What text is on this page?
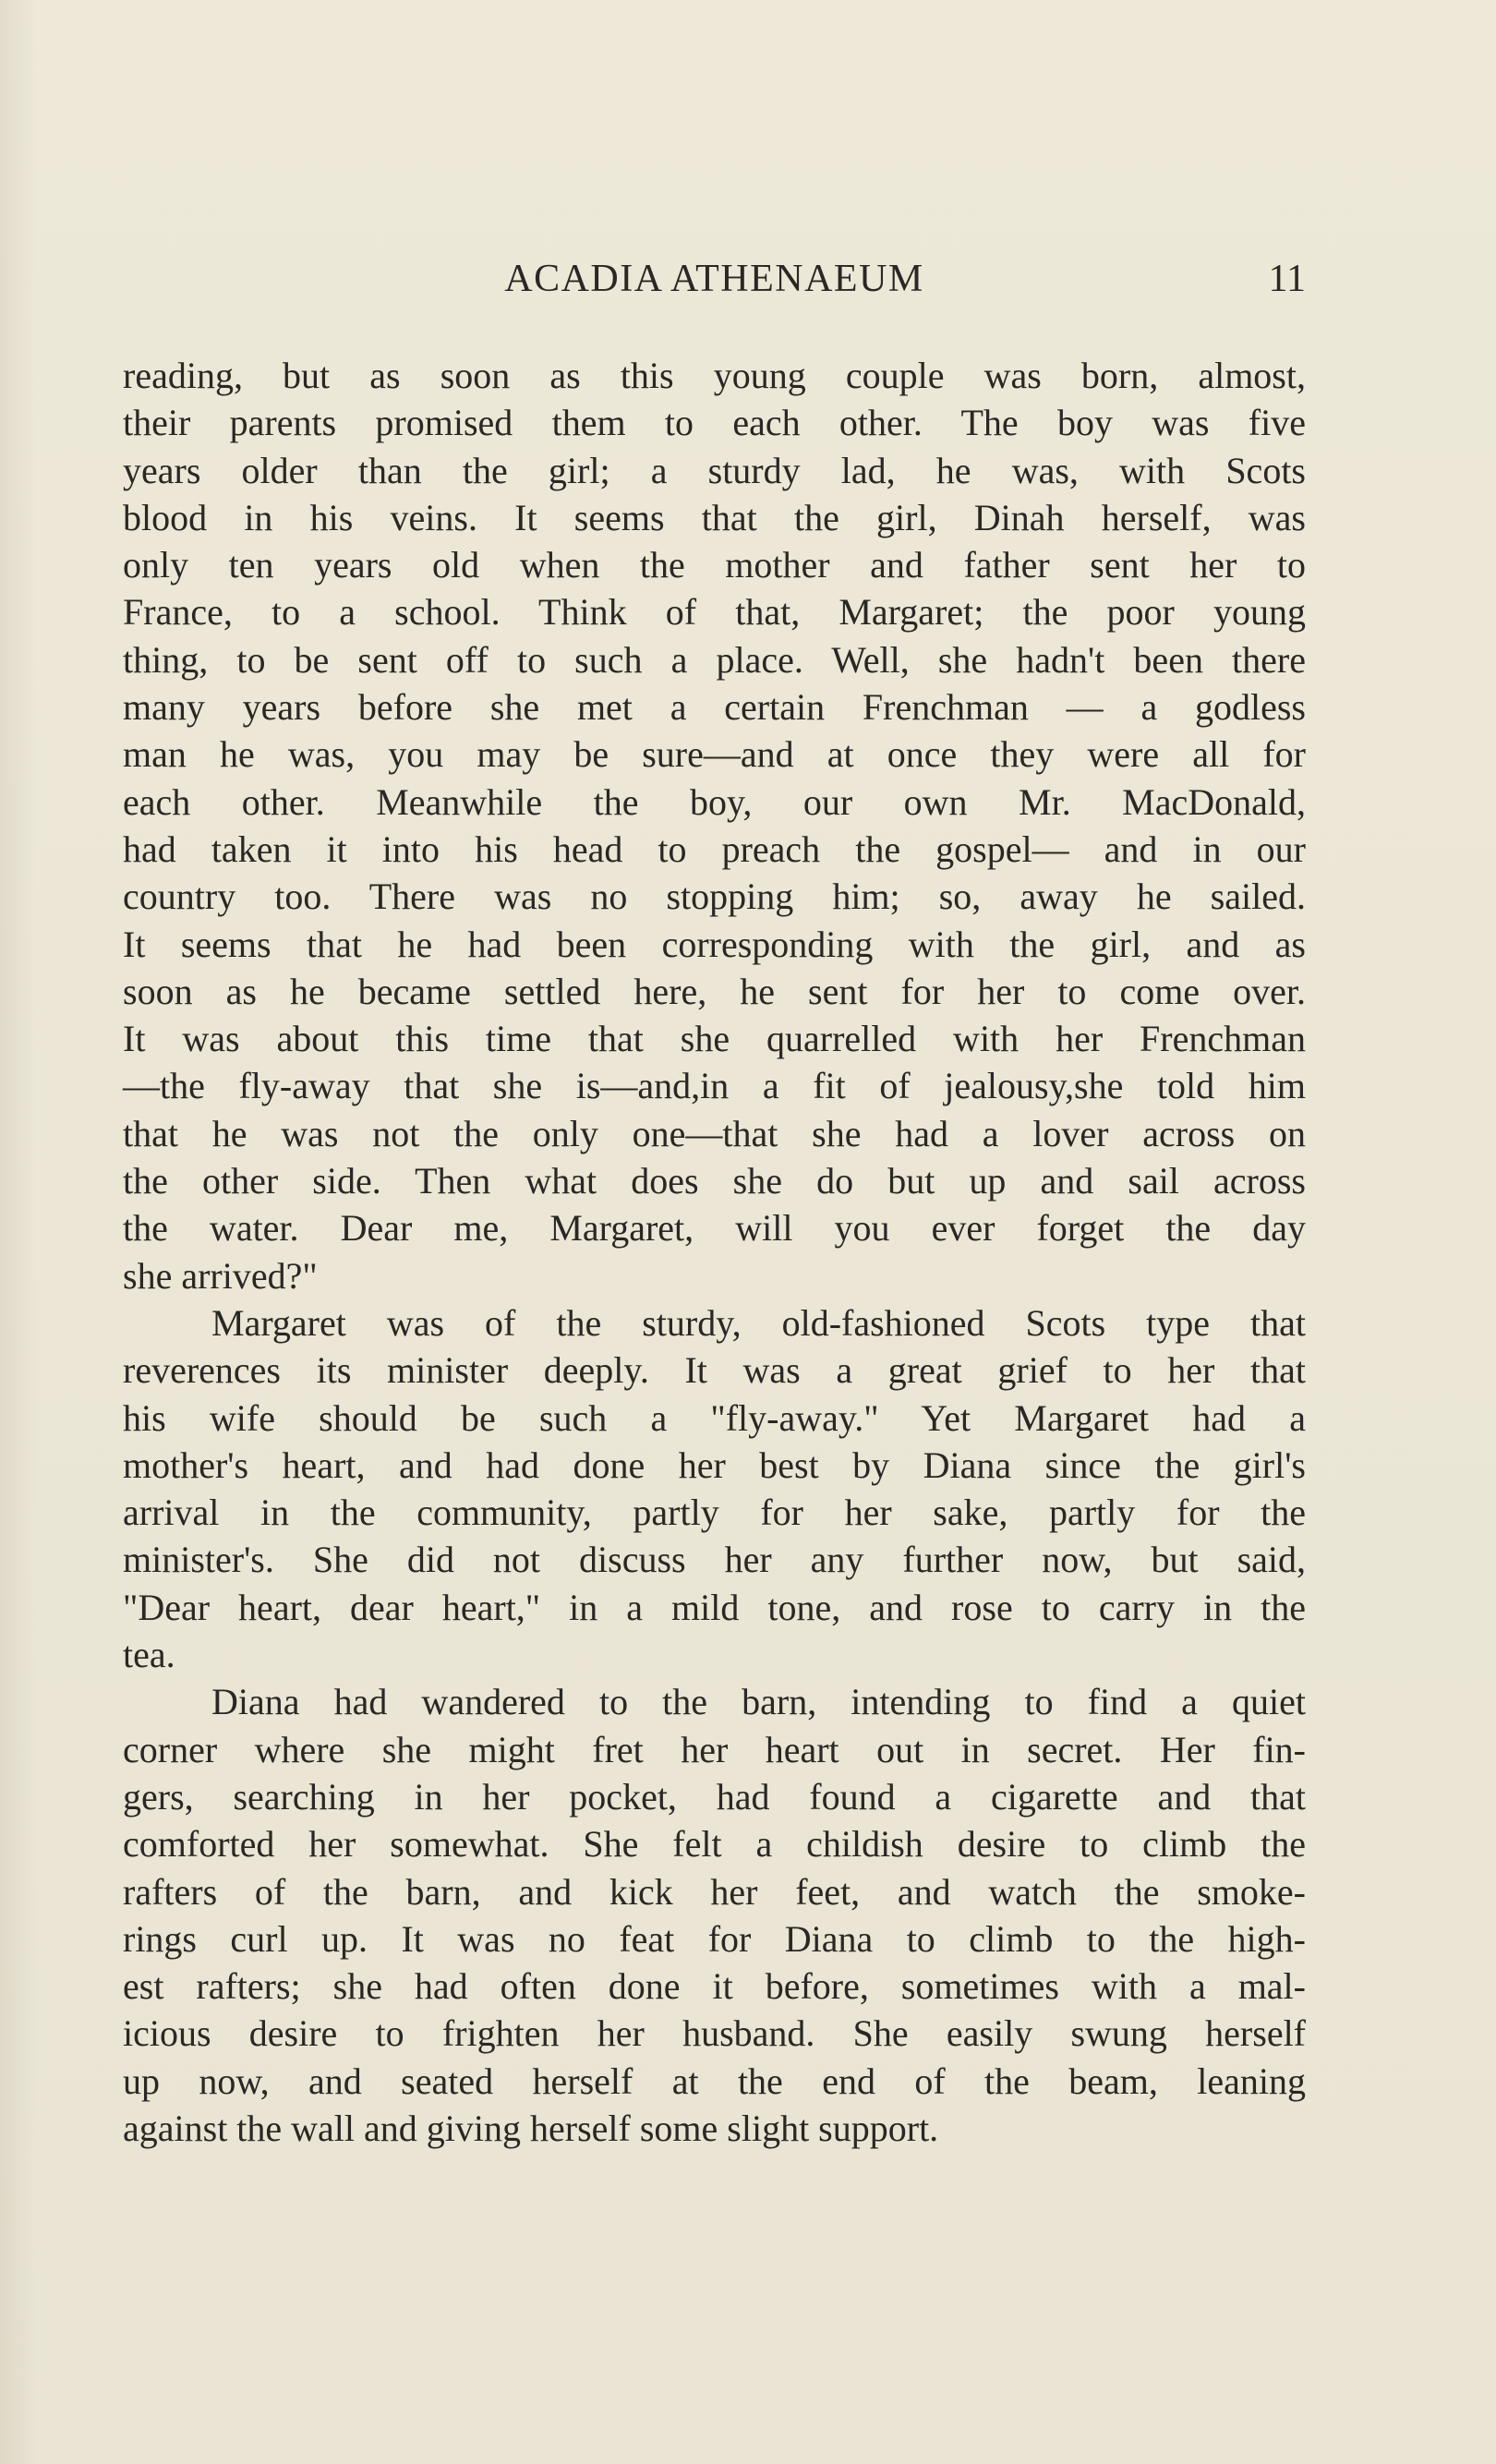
ACADIA ATHENAEUM	11

reading, but as soon as this young couple was born, almost,
their parents promised them to each other. The boy was five
years older than the girl; a sturdy lad, he was, with Scots
blood in his veins. It seems that the girl, Dinah herself, was
only ten years old when the mother and father sent her to
France, to a school. Think of that, Margaret; the poor young
thing, to be sent off to such a place. Well, she hadn't been there
many years before she met a certain Frenchman — a godless
man he was, you may be sure—and at once they were all for
each other. Meanwhile the boy, our own Mr. MacDonald,
had taken it into his head to preach the gospel— and in our
country too. There was no stopping him; so, away he sailed.
It seems that he had been corresponding with the girl, and as
soon as he became settled here, he sent for her to come over.
It was about this time that she quarrelled with her Frenchman
—the fly-away that she is—and,in a fit of jealousy,she told him
that he was not the only one—that she had a lover across on
the other side. Then what does she do but up and sail across
the water. Dear me, Margaret, will you ever forget the day
she arrived?"

Margaret was of the sturdy, old-fashioned Scots type that
reverences its minister deeply. It was a great grief to her that
his wife should be such a "fly-away." Yet Margaret had a
mother's heart, and had done her best by Diana since the girl's
arrival in the community, partly for her sake, partly for the
minister's. She did not discuss her any further now, but said,
"Dear heart, dear heart," in a mild tone, and rose to carry in the
tea.

Diana had wandered to the barn, intending to find a quiet
corner where she might fret her heart out in secret. Her fin-
gers, searching in her pocket, had found a cigarette and that
comforted her somewhat. She felt a childish desire to climb the
rafters of the barn, and kick her feet, and watch the smoke-
rings curl up. It was no feat for Diana to climb to the high-
est rafters; she had often done it before, sometimes with a mal-
icious desire to frighten her husband. She easily swung herself
up now, and seated herself at the end of the beam, leaning
against the wall and giving herself some slight support.
